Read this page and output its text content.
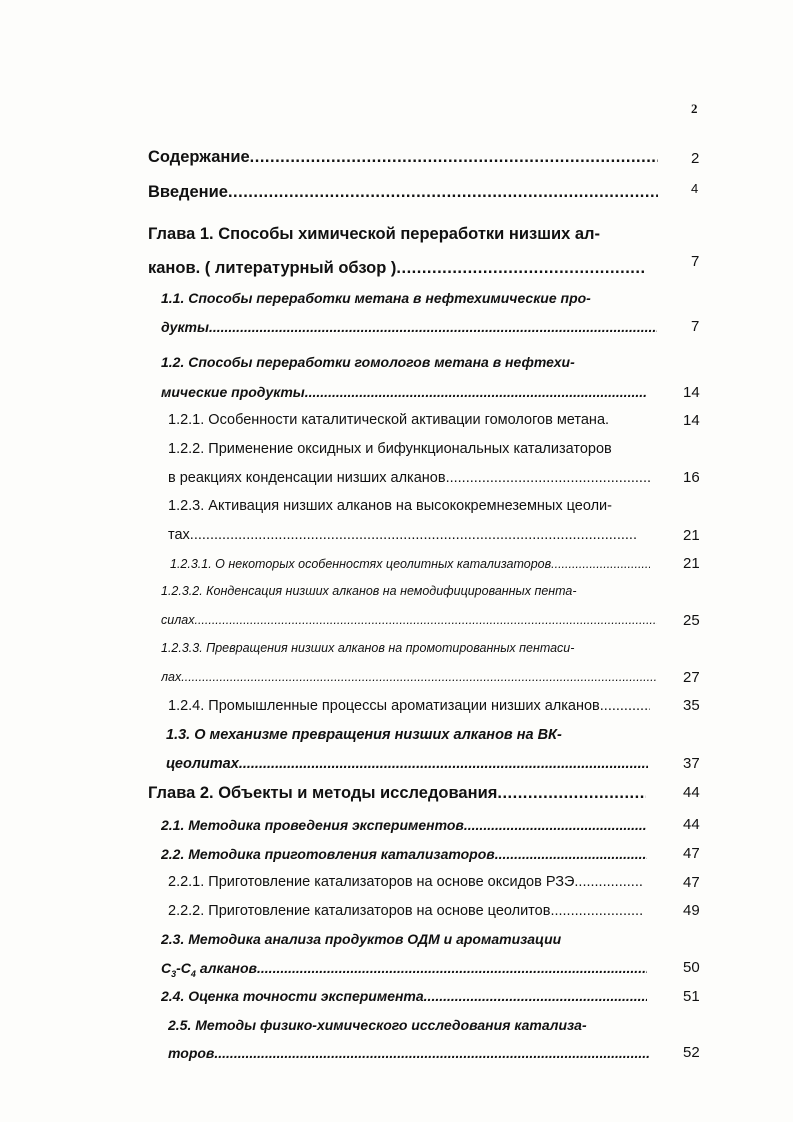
2
Содержание .....	2
Введение .....	4
Глава 1. Способы химической переработки низших ал-
канов. ( литературный обзор ) .....	7
1.1. Способы переработки метана в нефтехимические про-
дукты .....	7
1.2. Способы переработки гомологов метана в нефтехи-
мические продукты .....	14
1.2.1. Особенности каталитической активации гомологов метана.	14
1.2.2. Применение оксидных и бифункциональных катализаторов
в реакциях конденсации низших алканов .....	16
1.2.3. Активация низших алканов на высококремнеземных цеоли-
тах .....	21
1.2.3.1. О некоторых особенностях цеолитных катализаторов .....	21
1.2.3.2. Конденсация низших алканов на немодифицированных пента-
силах .....	25
1.2.3.3. Превращения низших алканов на промотированных пентаси-
лах .....	27
1.2.4. Промышленные процессы ароматизации низших алканов .....	35
1.3. О механизме превращения низших алканов на ВК-
цеолитах .....	37
Глава 2. Объекты и методы исследования .....	44
2.1. Методика проведения экспериментов .....	44
2.2. Методика приготовления катализаторов .....	47
2.2.1. Приготовление катализаторов на основе оксидов РЗЭ .....	47
2.2.2. Приготовление катализаторов на основе цеолитов .....	49
2.3. Методика анализа продуктов ОДМ и ароматизации
$C_3-C_4$ алканов .....	50
2.4. Оценка точности эксперимента .....	51
2.5. Методы физико-химического исследования катализа-
торов .....	52
